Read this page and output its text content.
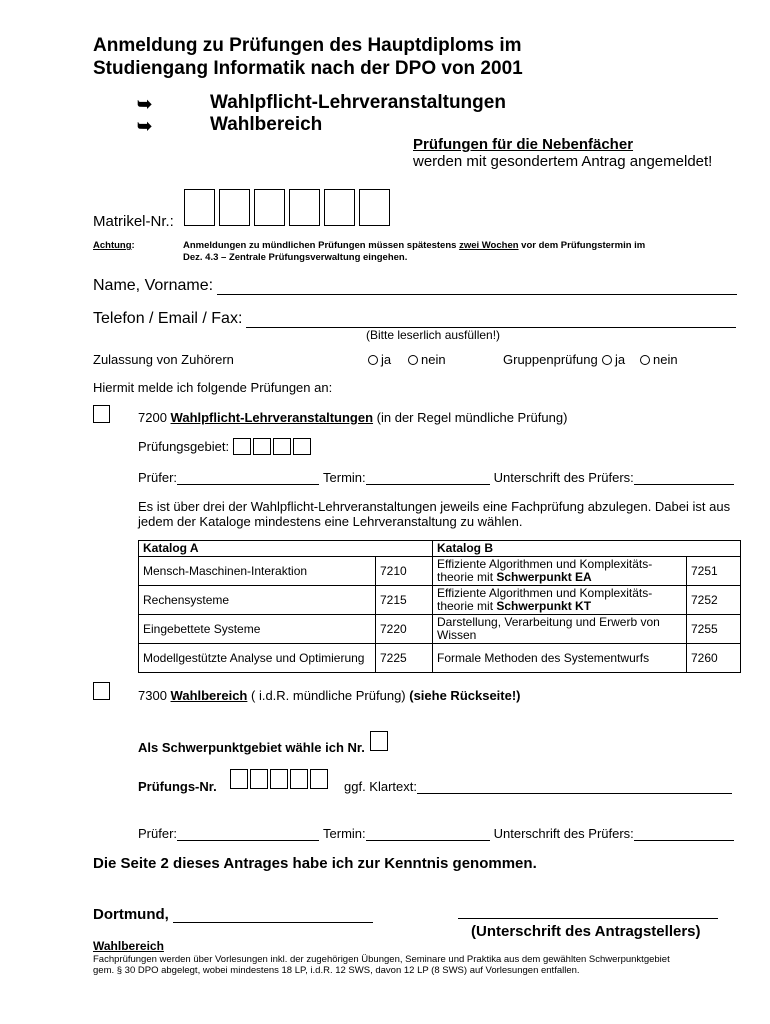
Anmeldung zu Prüfungen des Hauptdiploms im
Studiengang Informatik nach der DPO von 2001
➥	Wahlpflicht-Lehrveranstaltungen
➥	Wahlbereich
Prüfungen für die Nebenfächer
werden mit gesondertem Antrag angemeldet!
Matrikel-Nr.:
Achtung:	Anmeldungen zu mündlichen Prüfungen müssen spätestens zwei Wochen vor dem Prüfungstermin im
Dez. 4.3 – Zentrale Prüfungsverwaltung eingehen.
Name, Vorname:
Telefon / Email / Fax:
(Bitte leserlich ausfüllen!)
Zulassung von Zuhörern	ja	nein	Gruppenprüfung	ja	nein
Hiermit melde ich folgende Prüfungen an:
7200 Wahlpflicht-Lehrveranstaltungen (in der Regel mündliche Prüfung)
Prüfungsgebiet:
Prüfer:	Termin:	Unterschrift des Prüfers:
Es ist über drei der Wahlpflicht-Lehrveranstaltungen jeweils eine Fachprüfung abzulegen. Dabei ist aus
jedem der Kataloge mindestens eine Lehrveranstaltung zu wählen.
Katalog A		Katalog B	
Mensch-Maschinen-Interaktion	7210	Effiziente Algorithmen und Komplexitäts-
theorie mit Schwerpunkt EA	7251
Rechensysteme	7215	Effiziente Algorithmen und Komplexitäts-
theorie mit Schwerpunkt KT	7252
Eingebettete Systeme	7220	Darstellung, Verarbeitung und Erwerb von
Wissen	7255
Modellgestützte Analyse und Optimierung	7225	Formale Methoden des Systementwurfs	7260
7300 Wahlbereich ( i.d.R. mündliche Prüfung) (siehe Rückseite!)
Als Schwerpunktgebiet wähle ich Nr.
Prüfungs-Nr.	ggf. Klartext:
Prüfer:	Termin:	Unterschrift des Prüfers:
Die Seite 2 dieses Antrages habe ich zur Kenntnis genommen.
Dortmund,
(Unterschrift des Antragstellers)
Wahlbereich
Fachprüfungen werden über Vorlesungen inkl. der zugehörigen Übungen, Seminare und Praktika aus dem gewählten Schwerpunktgebiet
gem. § 30 DPO abgelegt, wobei mindestens 18 LP, i.d.R. 12 SWS, davon 12 LP (8 SWS) auf Vorlesungen entfallen.
